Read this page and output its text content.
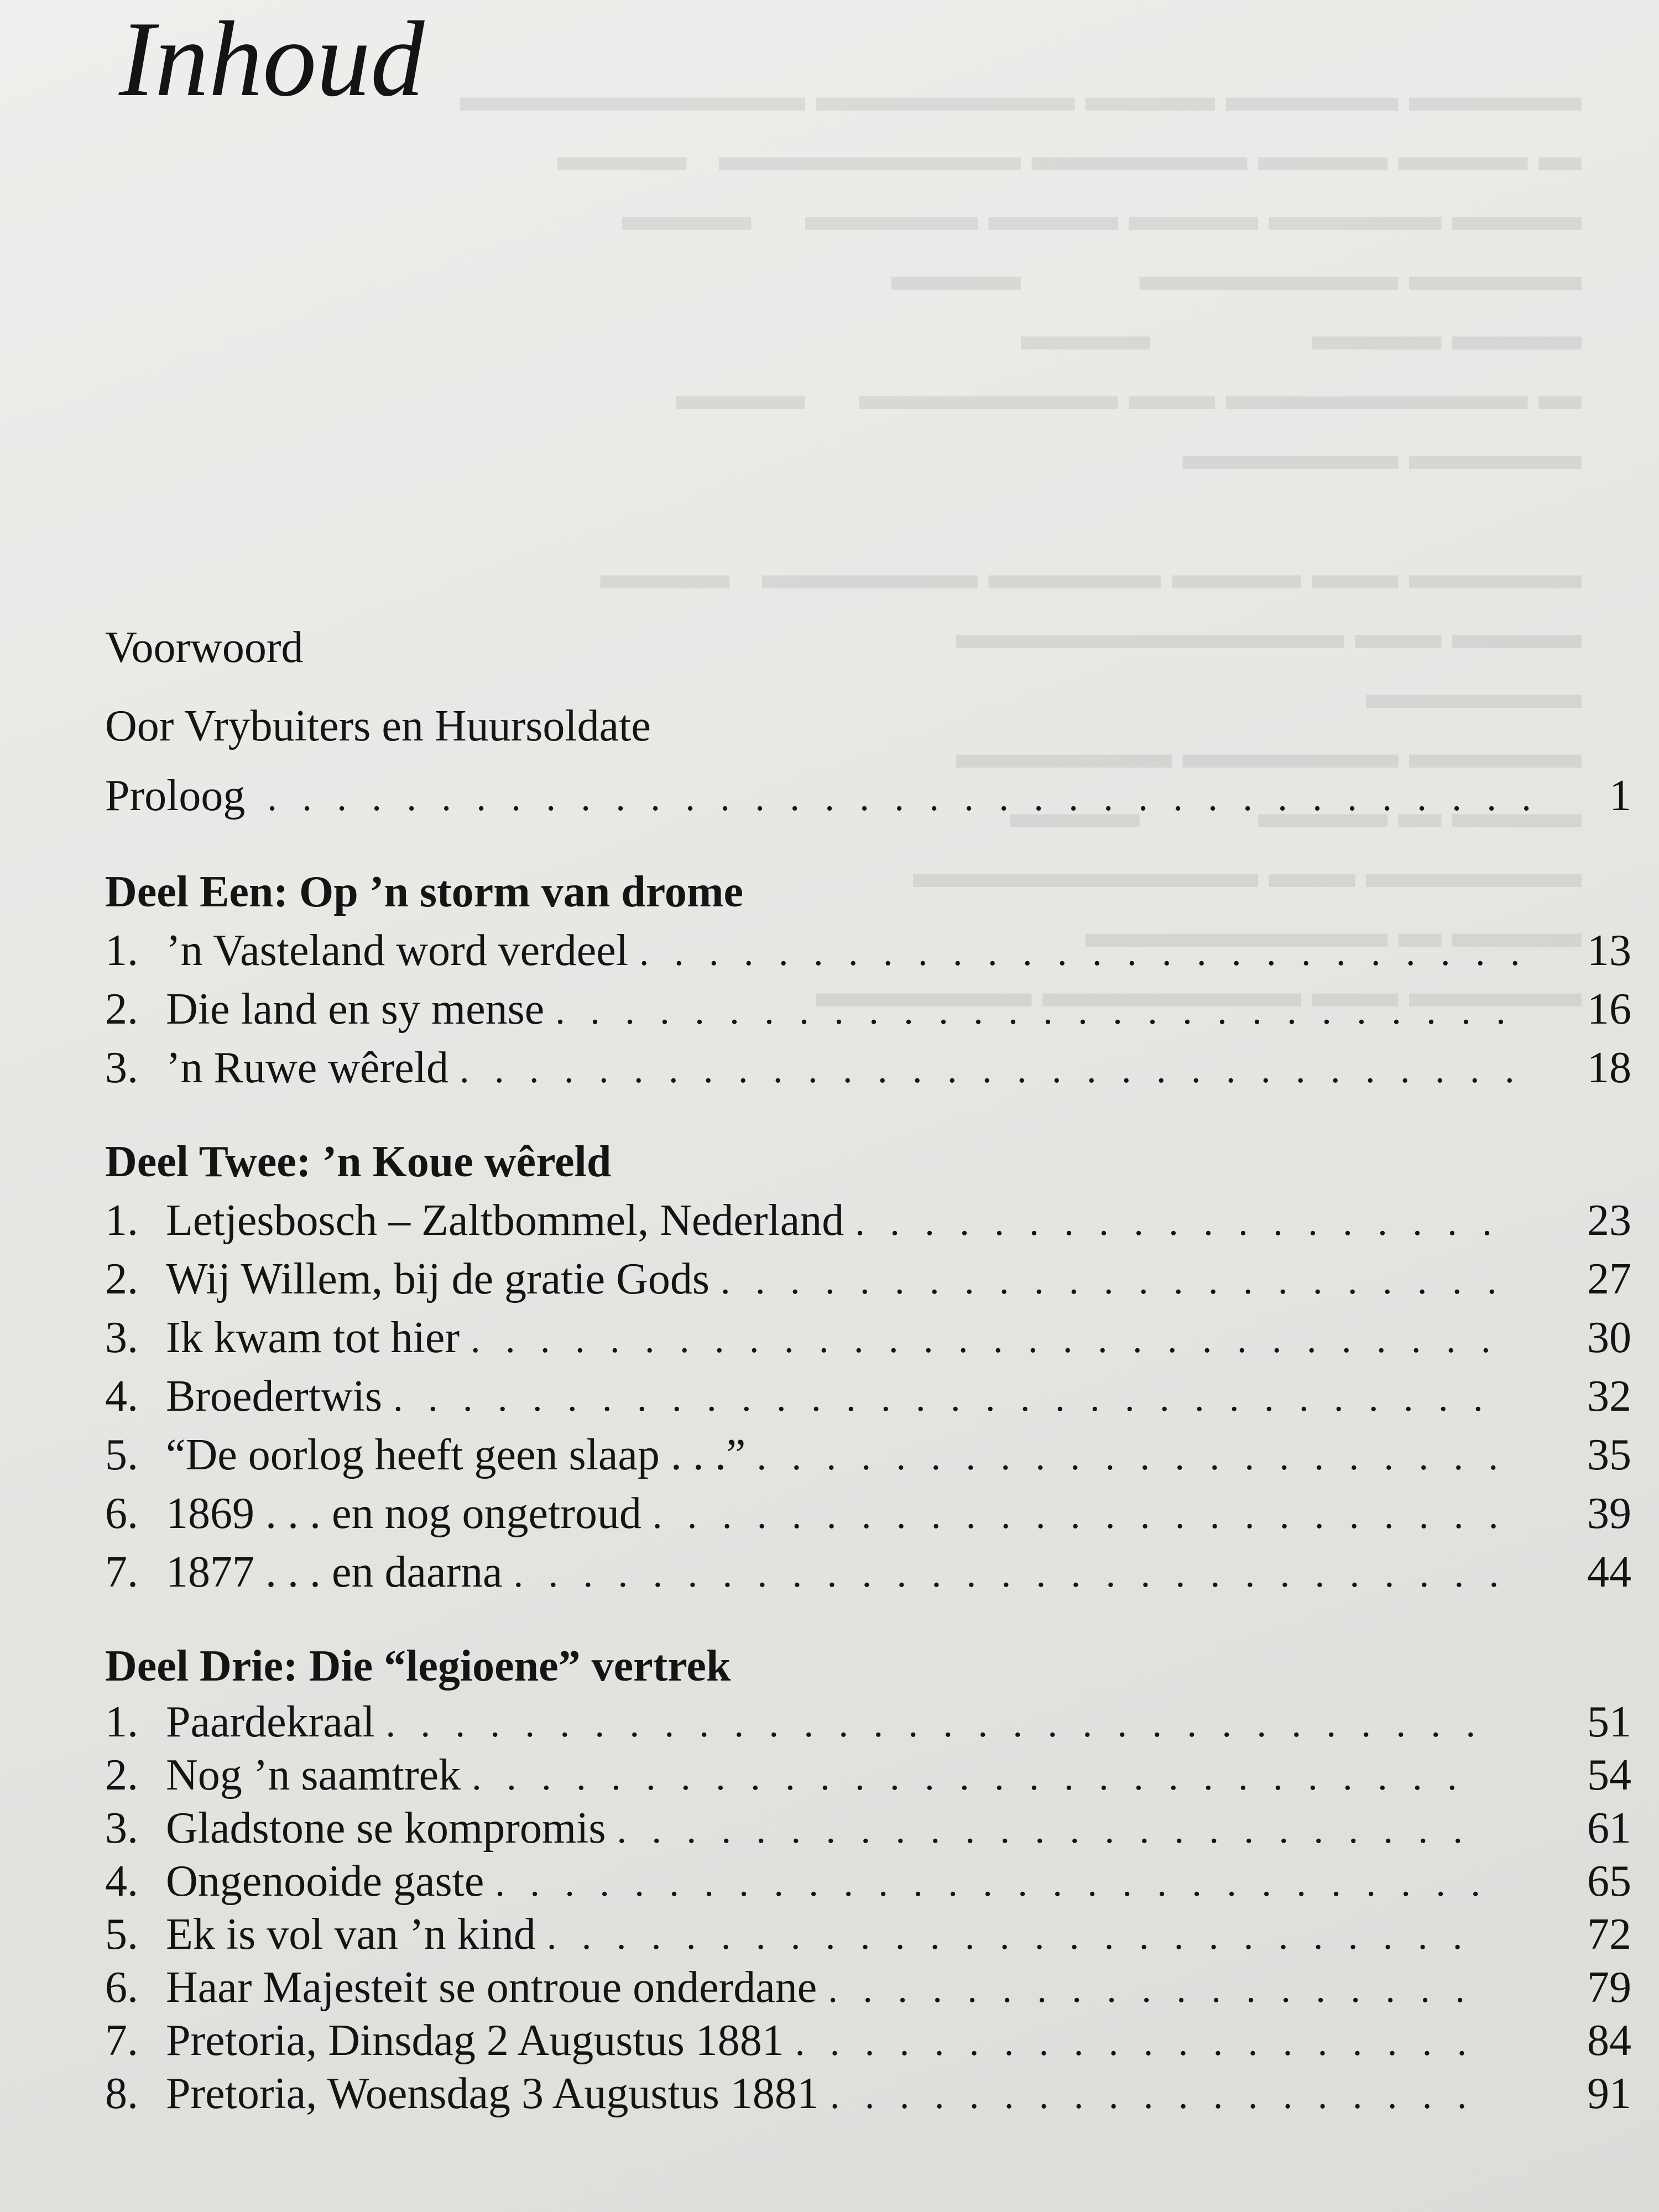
Inhoud ▬▬▬▬ ▬▬▬▬ ▬▬▬ ▬▬▬▬▬▬ ▬▬▬▬▬▬▬▬
▬ ▬▬▬ ▬▬▬ ▬▬▬▬▬ ▬▬▬▬▬▬▬   ▬▬▬
▬▬▬ ▬▬▬▬ ▬▬▬ ▬▬▬ ▬▬▬▬     ▬▬▬
▬▬▬▬ ▬▬▬▬▬▬           ▬▬▬
▬▬▬ ▬▬▬               ▬▬▬
▬ ▬▬▬▬▬▬▬ ▬▬ ▬▬▬▬▬▬     ▬▬▬
▬▬▬▬ ▬▬▬▬▬

▬▬▬▬ ▬▬ ▬▬▬ ▬▬▬▬ ▬▬▬▬▬   ▬▬▬
▬▬▬ ▬▬ ▬▬▬▬▬▬▬▬▬
▬▬▬▬▬
▬▬▬▬ ▬▬▬▬▬ ▬▬▬▬▬
▬▬▬ ▬ ▬▬▬           ▬▬▬
▬▬▬▬▬ ▬▬ ▬▬▬▬▬▬▬▬
▬▬▬ ▬ ▬▬▬▬▬▬▬
▬▬▬▬ ▬▬ ▬▬▬▬▬▬ ▬▬▬▬▬
Voorwoord
Oor Vrybuiters en Huursoldate
Proloog . . .	1
Deel Een: Op ’n storm van drome
1. ’n Vasteland word verdeel . . .	13
2. Die land en sy mense . . .	16
3. ’n Ruwe wêreld . . .	18
Deel Twee: ’n Koue wêreld
1. Letjesbosch – Zaltbommel, Nederland . . .	23
2. Wij Willem, bij de gratie Gods . . .	27
3. Ik kwam tot hier . . .	30
4. Broedertwis . . .	32
5. “De oorlog heeft geen slaap . . .” . . .	35
6. 1869 . . . en nog ongetroud . . .	39
7. 1877 . . . en daarna . . .	44
Deel Drie: Die “legioene” vertrek
1. Paardekraal . . .	51
2. Nog ’n saamtrek . . .	54
3. Gladstone se kompromis . . .	61
4. Ongenooide gaste . . .	65
5. Ek is vol van ’n kind . . .	72
6. Haar Majesteit se ontroue onderdane . . .	79
7. Pretoria, Dinsdag 2 Augustus 1881 . . .	84
8. Pretoria, Woensdag 3 Augustus 1881 . . .	91
